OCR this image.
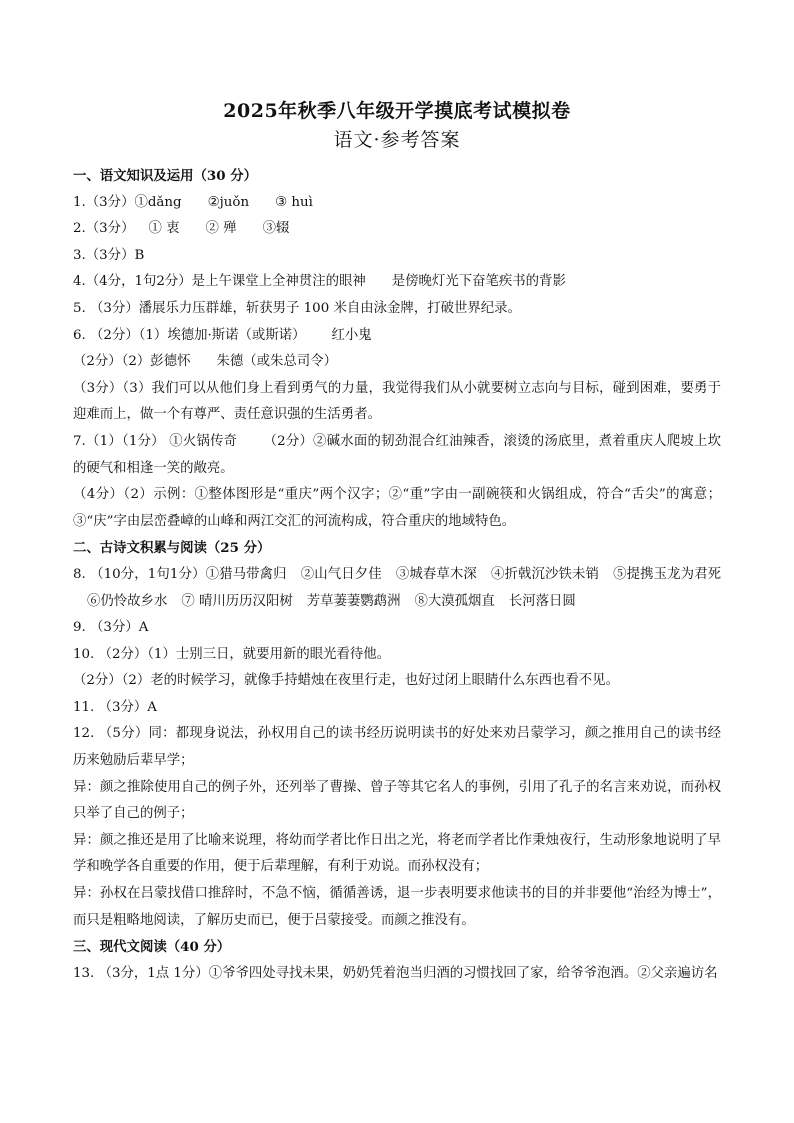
2025年秋季八年级开学摸底考试模拟卷
语文·参考答案

一、语文知识及运用（30 分）

1.（3分）①dǎng ②juǒn ③ huì

2.（3分） ① 衷 ② 殚 ③辍

3.（3分）B

4.（4分，1句2分）是上午课堂上全神贯注的眼神 是傍晚灯光下奋笔疾书的背影

5. （3分）潘展乐力压群雄，斩获男子 100 米自由泳金牌，打破世界纪录。

6. （2分）（1）埃德加·斯诺（或斯诺） 红小鬼

（2分）（2）彭德怀 朱德（或朱总司令）

（3分）（3）我们可以从他们身上看到勇气的力量，我觉得我们从小就要树立志向与目标，碰到困难，要勇于迎难而上，做一个有尊严、责任意识强的生活勇者。

7.（1）（1分） ①火锅传奇 （2分）②碱水面的韧劲混合红油辣香，滚烫的汤底里，煮着重庆人爬坡上坎的硬气和相逢一笑的敞亮。

（4分）（2）示例：①整体图形是“重庆”两个汉字；②“重”字由一副碗筷和火锅组成，符合“舌尖”的寓意；③“庆”字由层峦叠嶂的山峰和两江交汇的河流构成，符合重庆的地域特色。

二、古诗文积累与阅读（25 分）

8. （10分，1句1分）①猎马带禽归 ②山气日夕佳 ③城春草木深 ④折戟沉沙铁未销 ⑤提携玉龙为君死⑥仍怜故乡水 ⑦ 晴川历历汉阳树 芳草萋萋鹦鹉洲 ⑧大漠孤烟直 长河落日圆

9. （3分）A

10. （2分）（1）士别三日，就要用新的眼光看待他。

（2分）（2）老的时候学习，就像手持蜡烛在夜里行走，也好过闭上眼睛什么东西也看不见。

11. （3分）A

12. （5分）同：都现身说法，孙权用自己的读书经历说明读书的好处来劝吕蒙学习，颜之推用自己的读书经历来勉励后辈早学；

异：颜之推除使用自己的例子外，还列举了曹操、曾子等其它名人的事例，引用了孔子的名言来劝说，而孙权只举了自己的例子；

异：颜之推还是用了比喻来说理，将幼而学者比作日出之光，将老而学者比作秉烛夜行，生动形象地说明了早学和晚学各自重要的作用，便于后辈理解，有利于劝说。而孙权没有；

异：孙权在吕蒙找借口推辞时，不急不恼，循循善诱，退一步表明要求他读书的目的并非要他“治经为博士”，而只是粗略地阅读，了解历史而已，便于吕蒙接受。而颜之推没有。

三、现代文阅读（40 分）

13. （3分，1点 1分）①爷爷四处寻找未果，奶奶凭着泡当归酒的习惯找回了家，给爷爷泡酒。②父亲遍访名
